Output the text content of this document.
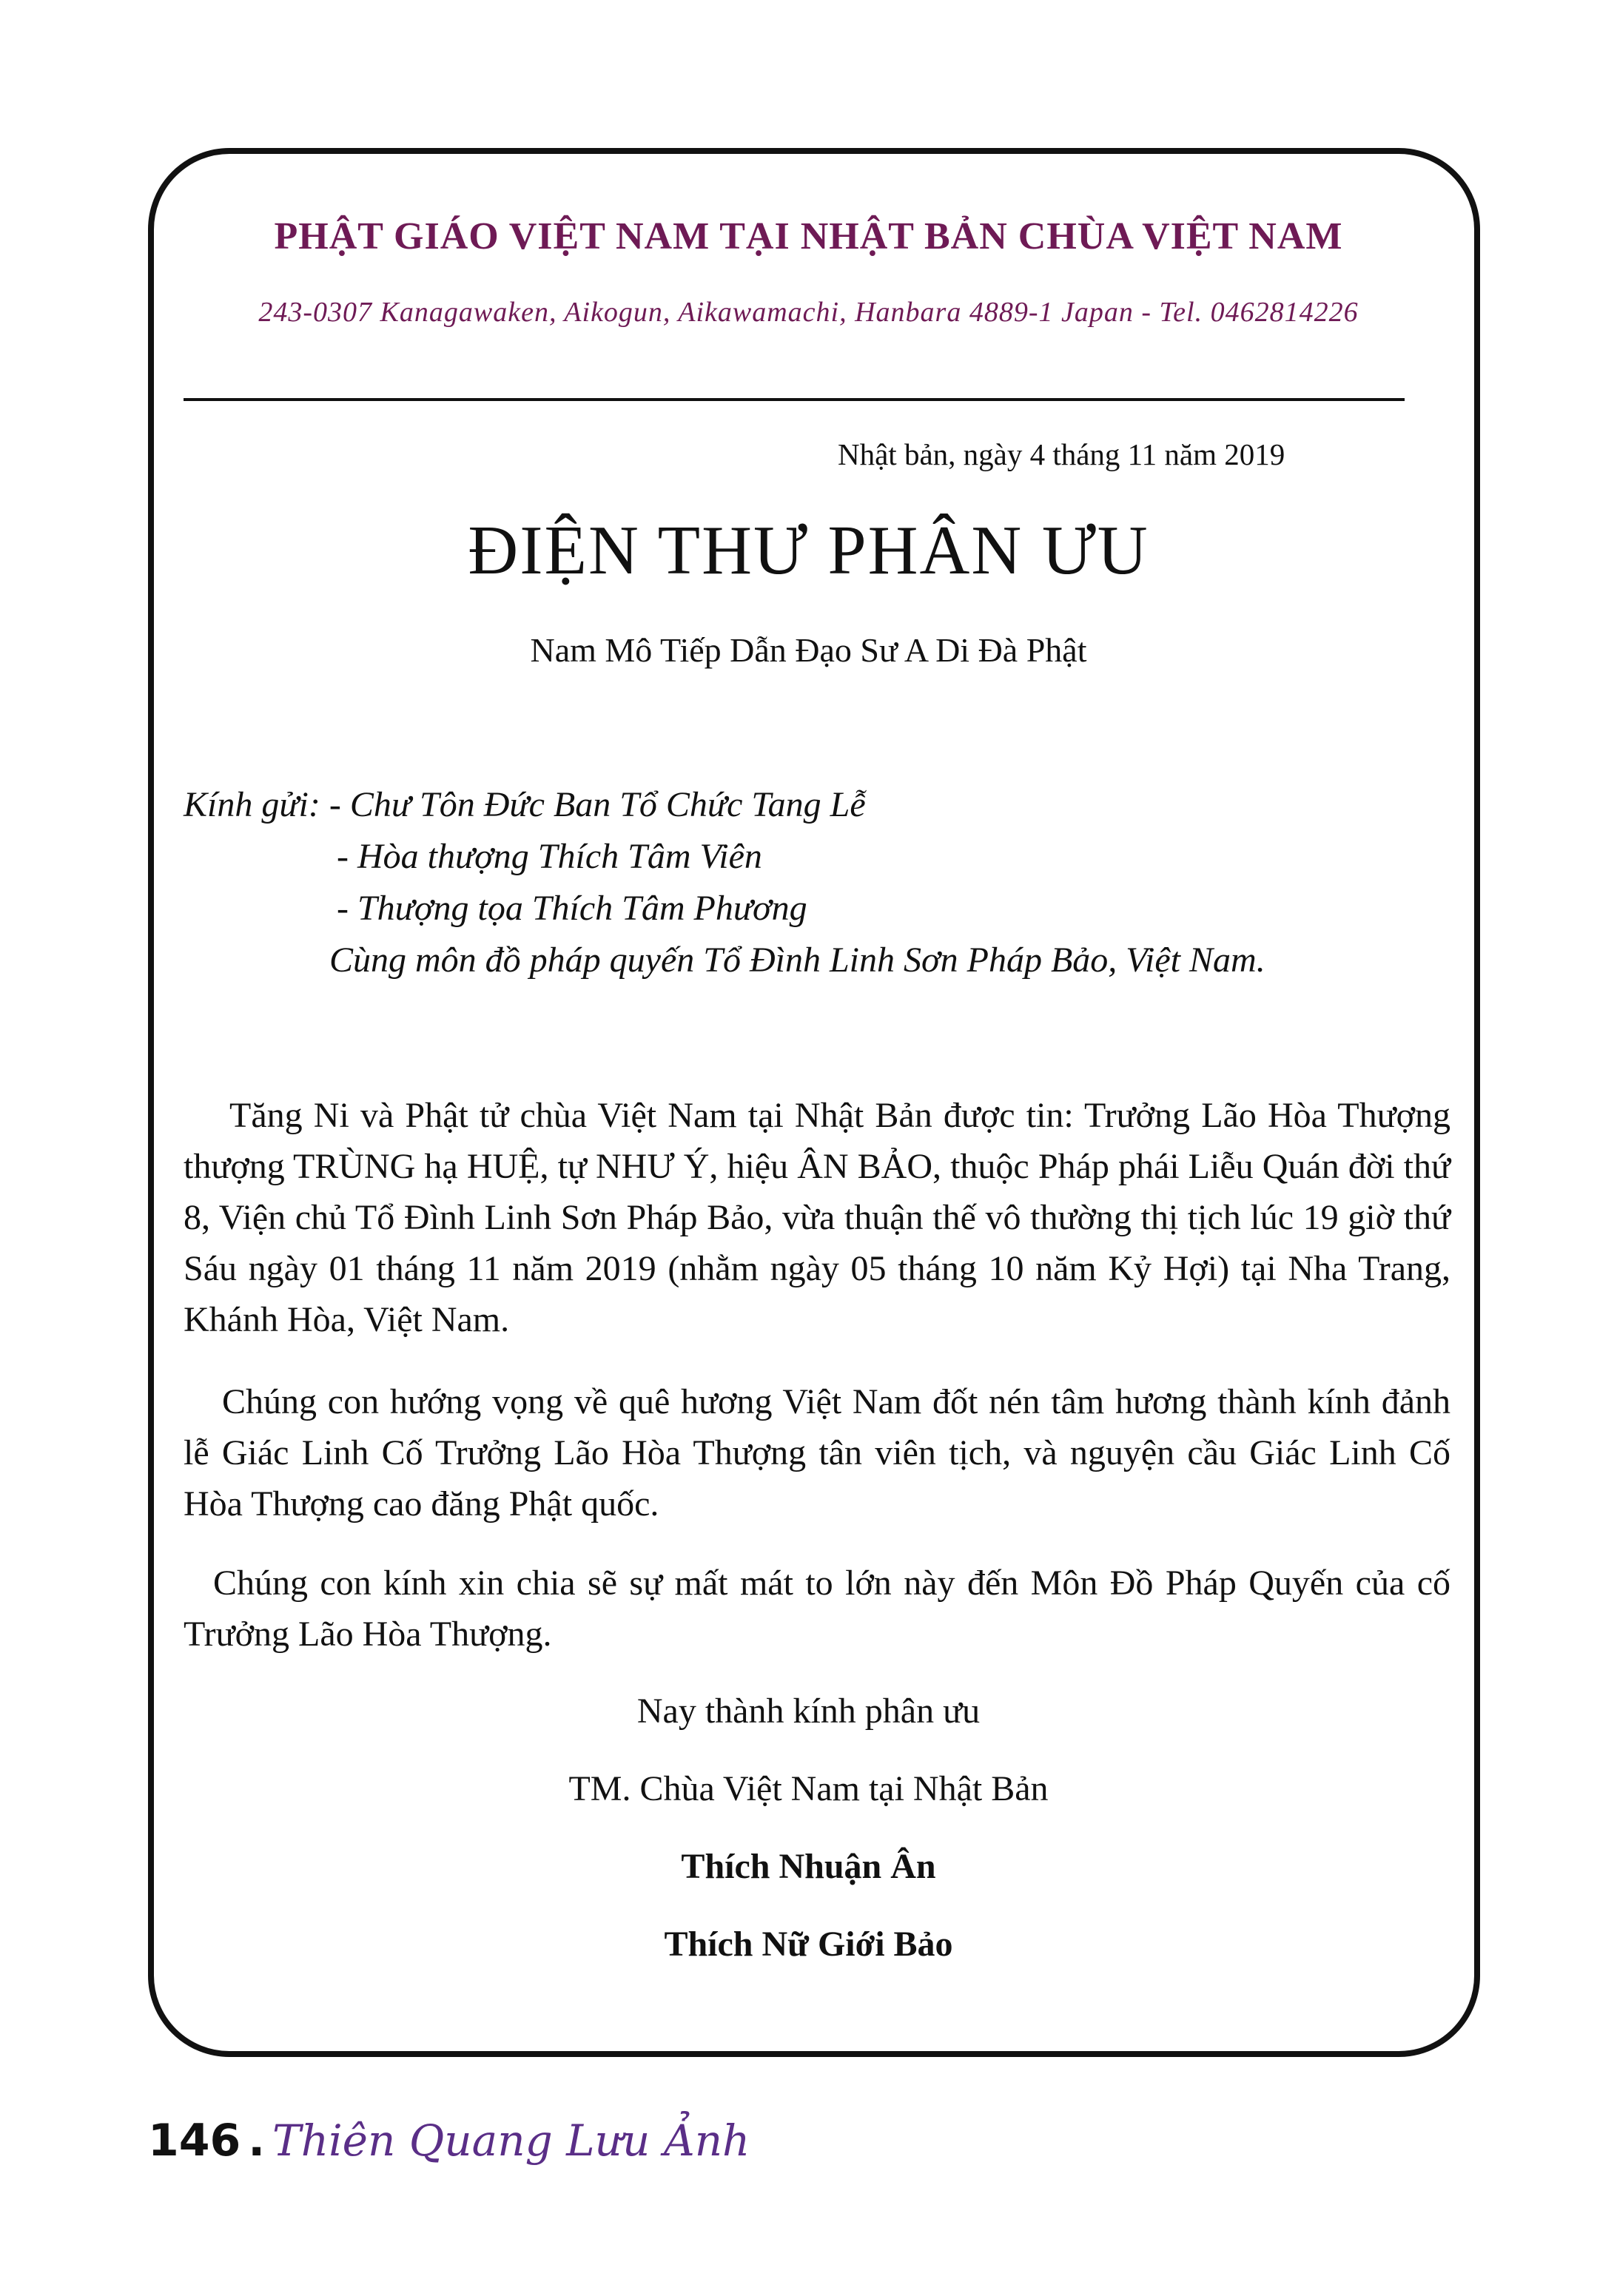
PHẬT GIÁO VIỆT NAM TẠI NHẬT BẢN CHÙA VIỆT NAM
243-0307 Kanagawaken, Aikogun, Aikawamachi, Hanbara 4889-1 Japan - Tel. 0462814226
Nhật bản, ngày 4 tháng 11 năm 2019
ĐIỆN THƯ PHÂN ƯU
Nam Mô Tiếp Dẫn Đạo Sư A Di Đà Phật
Kính gửi: - Chư Tôn Đức Ban Tổ Chức Tang Lễ
- Hòa thượng Thích Tâm Viên
- Thượng tọa Thích Tâm Phương
Cùng môn đồ pháp quyến Tổ Đình Linh Sơn Pháp Bảo, Việt Nam.
Tăng Ni và Phật tử chùa Việt Nam tại Nhật Bản được tin: Trưởng Lão Hòa Thượng thượng TRÙNG hạ HUỆ, tự NHƯ Ý, hiệu ÂN BẢO, thuộc Pháp phái Liễu Quán đời thứ 8, Viện chủ Tổ Đình Linh Sơn Pháp Bảo, vừa thuận thế vô thường thị tịch lúc 19 giờ thứ Sáu ngày 01 tháng 11 năm 2019 (nhằm ngày 05 tháng 10 năm Kỷ Hợi) tại Nha Trang, Khánh Hòa, Việt Nam.
Chúng con hướng vọng về quê hương Việt Nam đốt nén tâm hương thành kính đảnh lễ Giác Linh Cố Trưởng Lão Hòa Thượng tân viên tịch, và nguyện cầu Giác Linh Cố Hòa Thượng cao đăng Phật quốc.
Chúng con kính xin chia sẽ sự mất mát to lớn này đến Môn Đồ Pháp Quyến của cố Trưởng Lão Hòa Thượng.
Nay thành kính phân ưu
TM. Chùa Việt Nam tại Nhật Bản
Thích Nhuận Ân
Thích Nữ Giới Bảo
146 . Thiên Quang Lưu Ảnh
